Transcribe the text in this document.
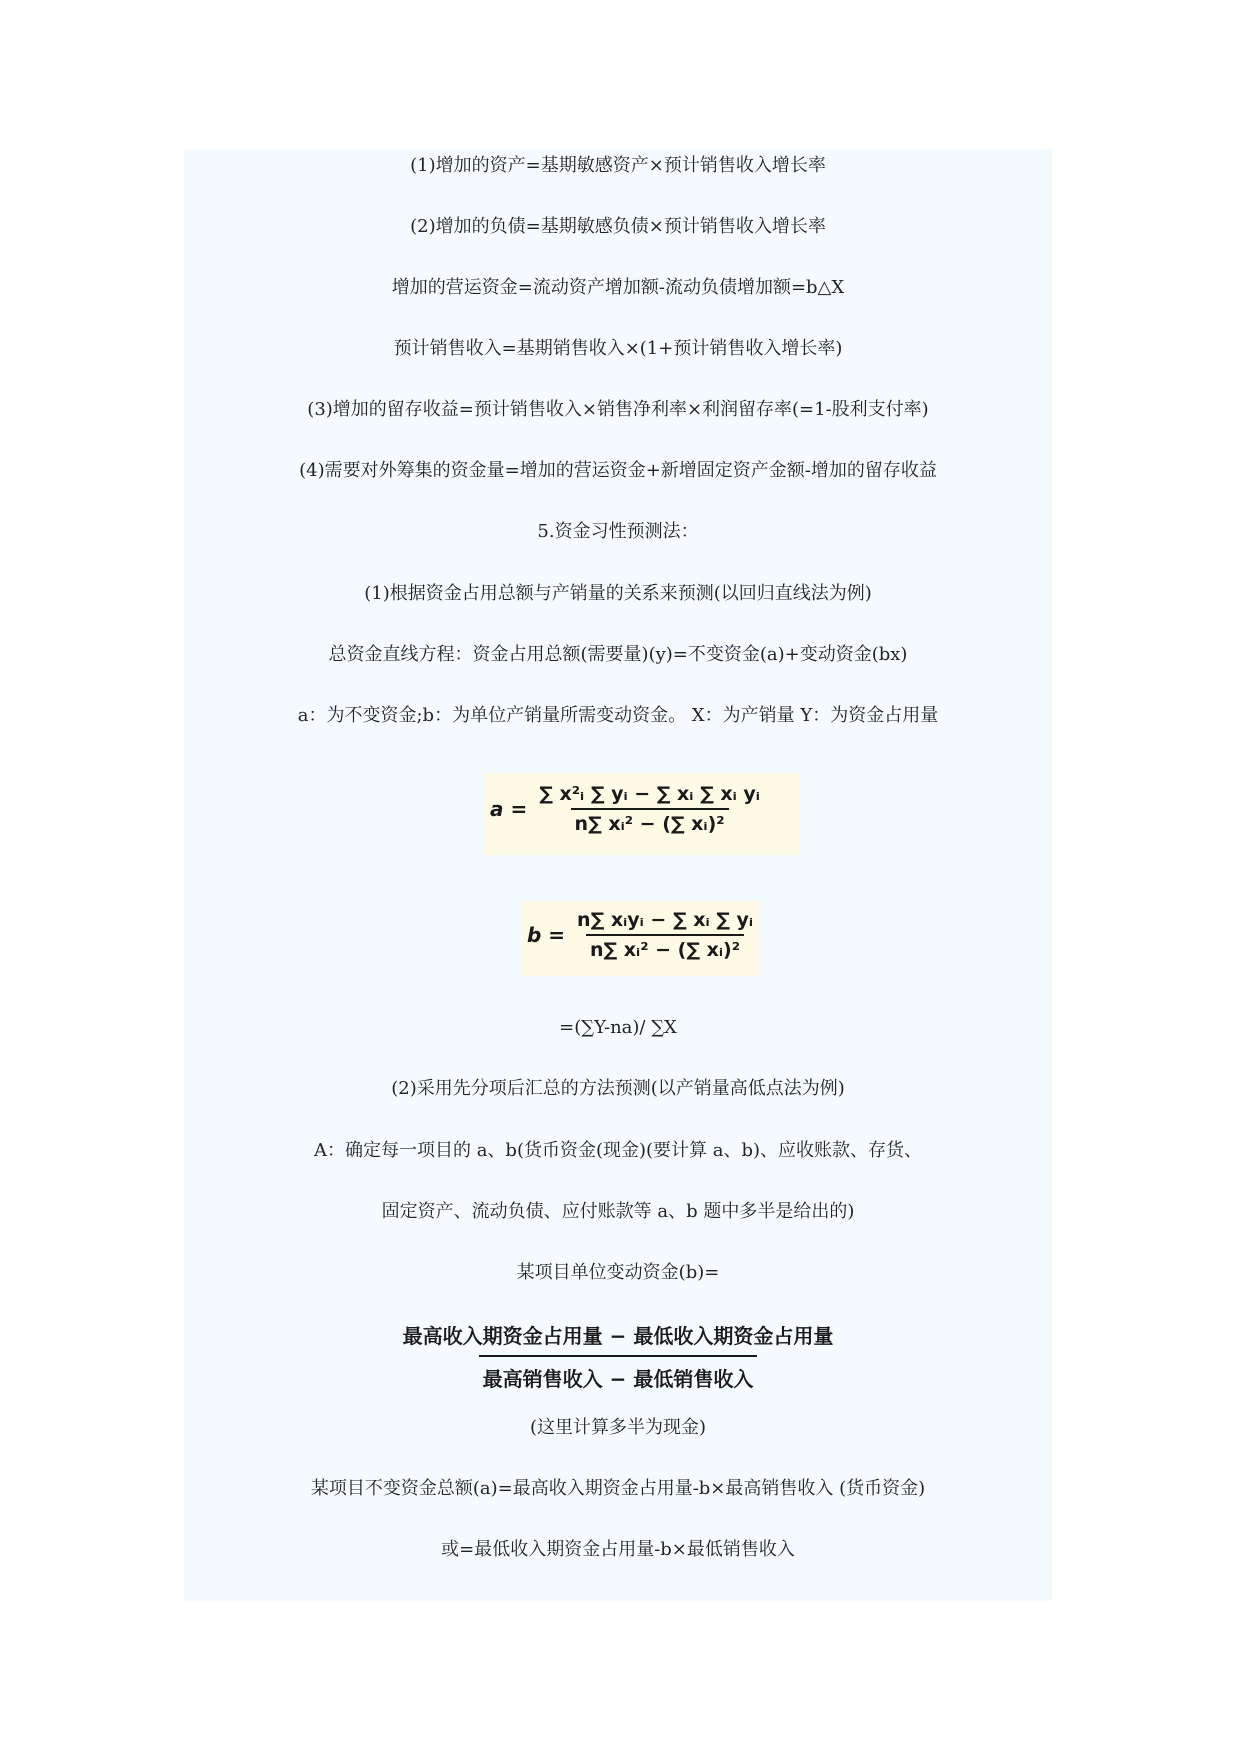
(1)增加的资产=基期敏感资产×预计销售收入增长率
(2)增加的负债=基期敏感负债×预计销售收入增长率
增加的营运资金=流动资产增加额-流动负债增加额=b△X
预计销售收入=基期销售收入×(1+预计销售收入增长率)
(3)增加的留存收益=预计销售收入×销售净利率×利润留存率(=1-股利支付率)
(4)需要对外筹集的资金量=增加的营运资金+新增固定资产金额-增加的留存收益
5.资金习性预测法：
(1)根据资金占用总额与产销量的关系来预测(以回归直线法为例)
总资金直线方程：资金占用总额(需要量)(y)=不变资金(a)+变动资金(bx)
a：为不变资金;b：为单位产销量所需变动资金。 X：为产销量 Y：为资金占用量
$a = \frac{\text{∑ x²ᵢ ∑ yᵢ − ∑ xᵢ ∑ xᵢ yᵢ}}{\text{n∑ xᵢ² − (∑ xᵢ)²}}$
$b = \frac{\text{n∑ xᵢyᵢ − ∑ xᵢ ∑ yᵢ}}{\text{n∑ xᵢ² − (∑ xᵢ)²}}$
=(∑Y-na)/ ∑X
(2)采用先分项后汇总的方法预测(以产销量高低点法为例)
A：确定每一项目的 a、b(货币资金(现金)(要计算 a、b)、应收账款、存货、
固定资产、流动负债、应付账款等 a、b 题中多半是给出的)
某项目单位变动资金(b)=
$\frac{\text{最高收入期资金占用量 − 最低收入期资金占用量}}{\text{最高销售收入 − 最低销售收入}}$
(这里计算多半为现金)
某项目不变资金总额(a)=最高收入期资金占用量-b×最高销售收入 (货币资金)
或=最低收入期资金占用量-b×最低销售收入
